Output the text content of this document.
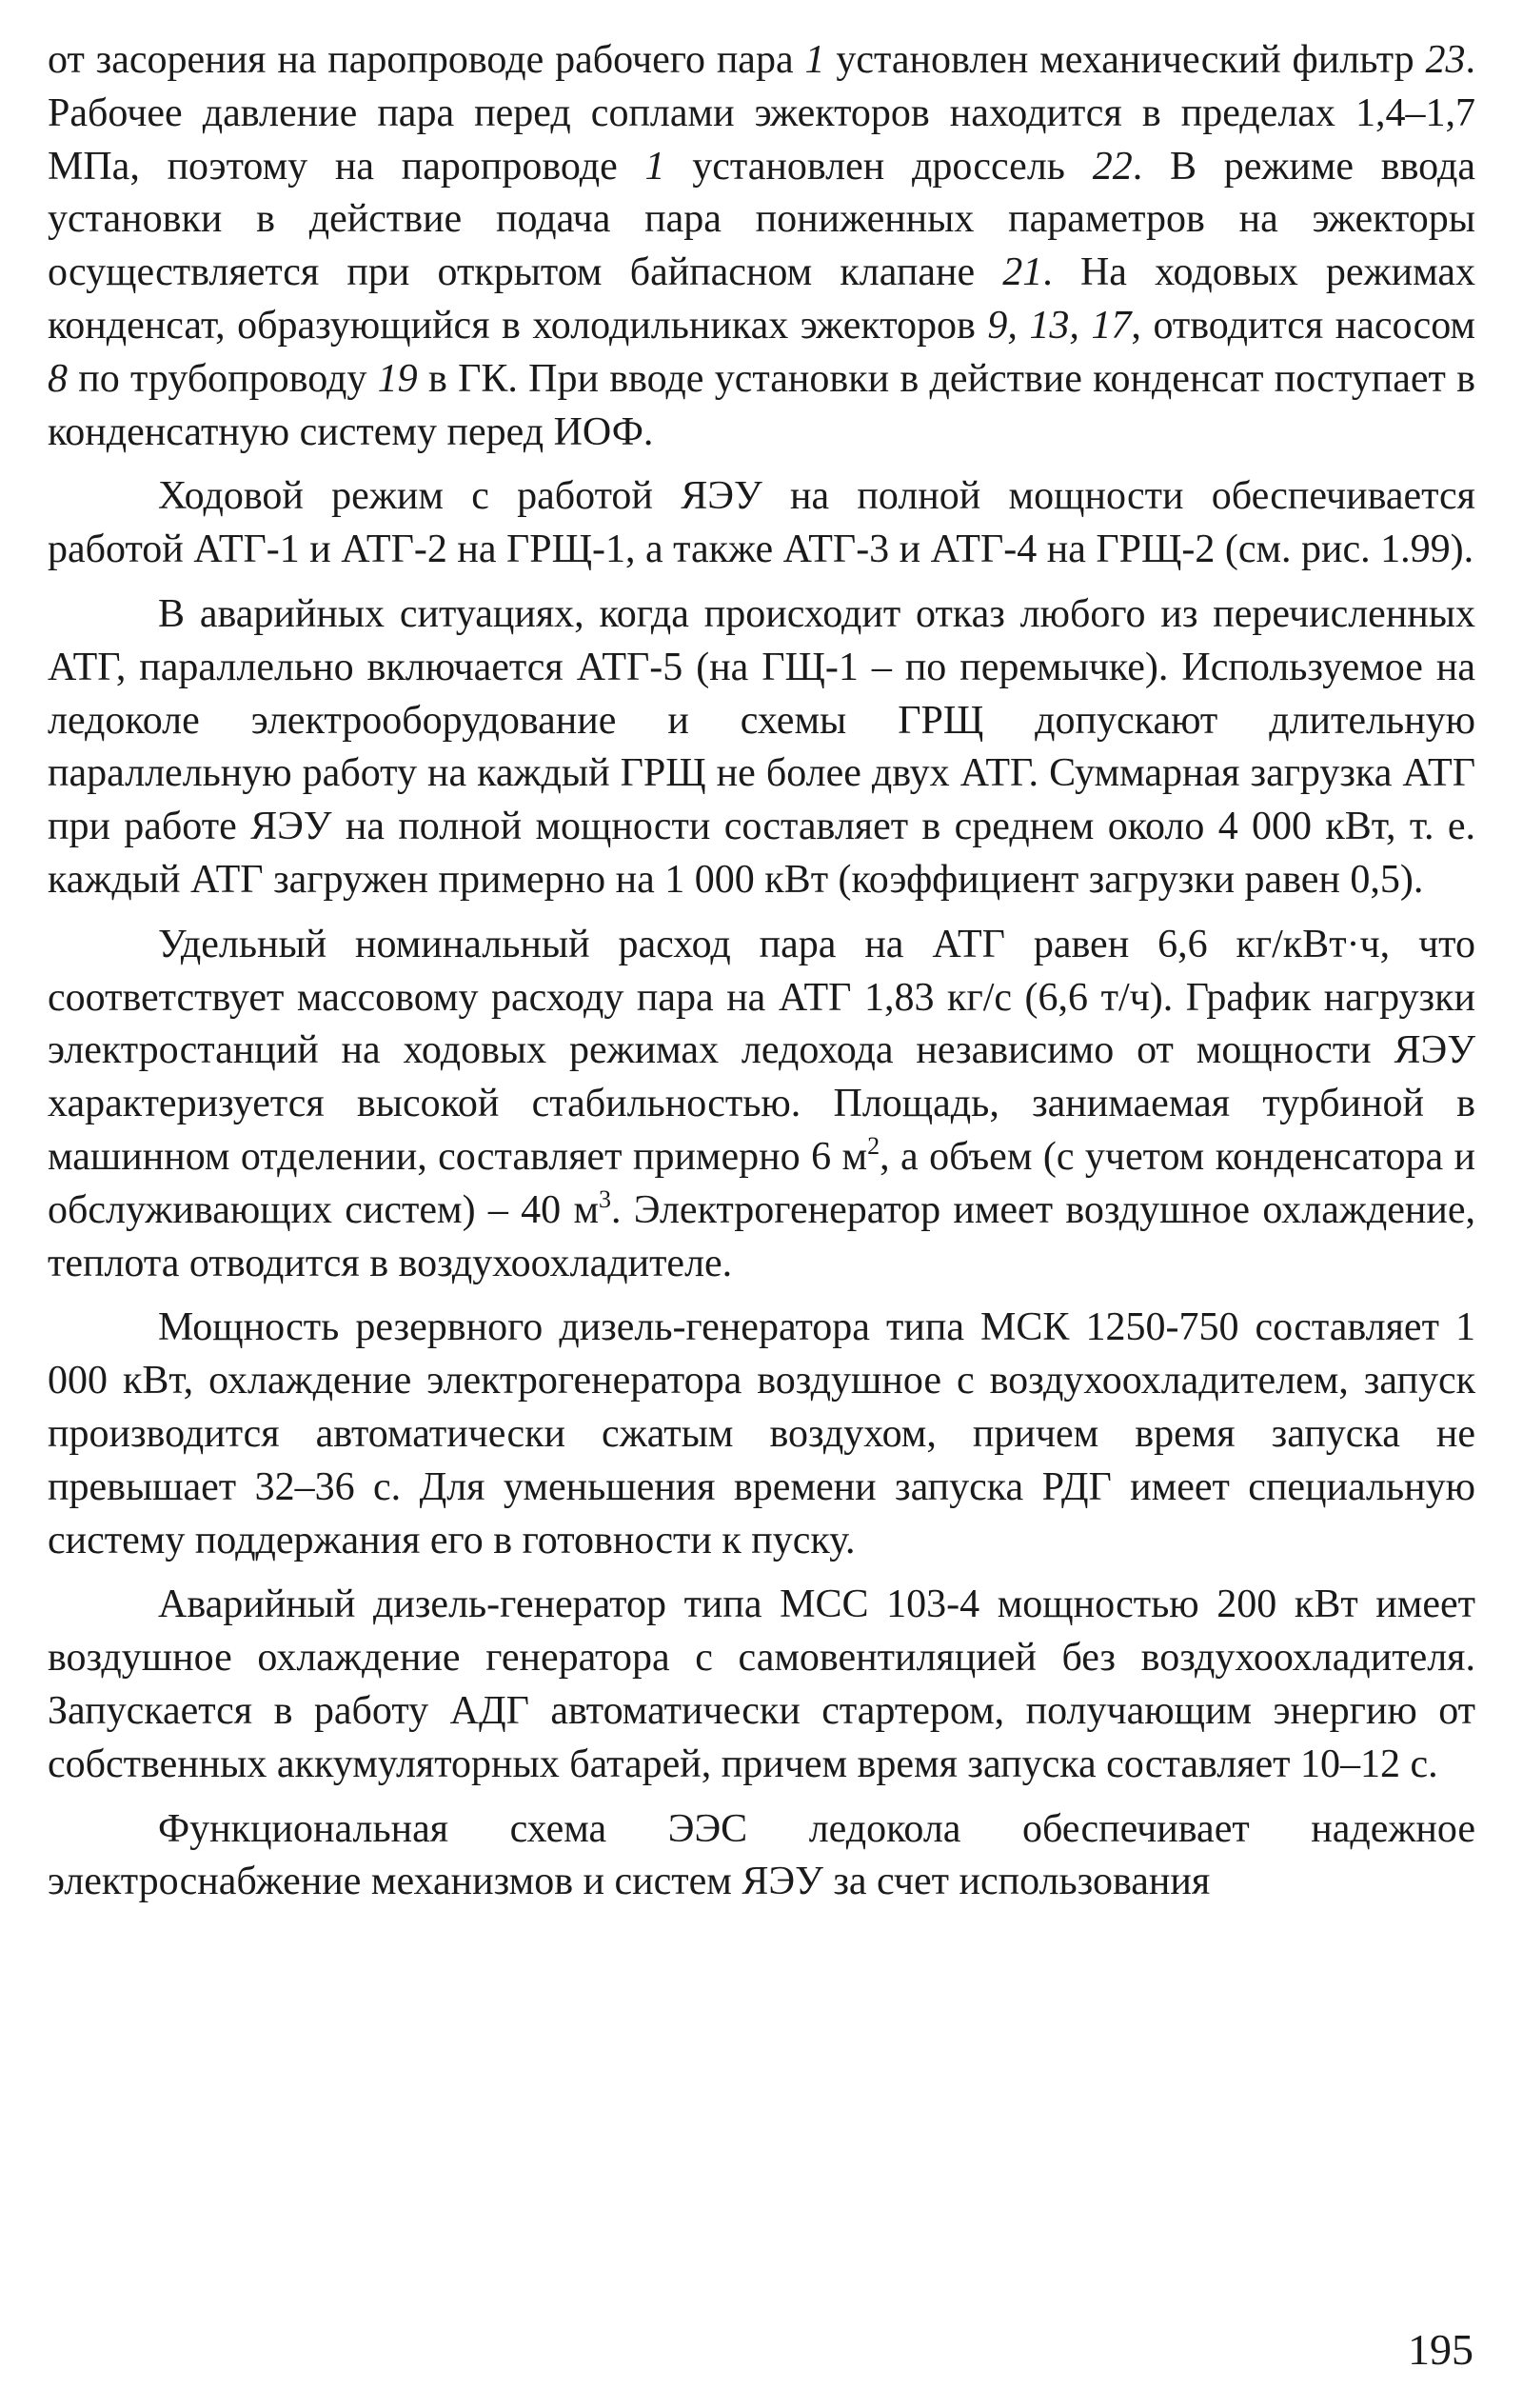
от засорения на паропроводе рабочего пара 1 установлен механический фильтр 23. Рабочее давление пара перед соплами эжекторов находится в пределах 1,4–1,7 МПа, поэтому на паропроводе 1 установлен дроссель 22. В режиме ввода установки в действие подача пара пониженных параметров на эжекторы осуществляется при открытом байпасном клапане 21. На ходовых режимах конденсат, образующийся в холодильниках эжекторов 9, 13, 17, отводится насосом 8 по трубопроводу 19 в ГК. При вводе установки в действие конденсат поступает в конденсатную систему перед ИОФ.

Ходовой режим с работой ЯЭУ на полной мощности обеспечивается работой АТГ-1 и АТГ-2 на ГРЩ-1, а также АТГ-3 и АТГ-4 на ГРЩ-2 (см. рис. 1.99).

В аварийных ситуациях, когда происходит отказ любого из перечисленных АТГ, параллельно включается АТГ-5 (на ГЩ-1 – по перемычке). Используемое на ледоколе электрооборудование и схемы ГРЩ допускают длительную параллельную работу на каждый ГРЩ не более двух АТГ. Суммарная загрузка АТГ при работе ЯЭУ на полной мощности составляет в среднем около 4 000 кВт, т. е. каждый АТГ загружен примерно на 1 000 кВт (коэффициент загрузки равен 0,5).

Удельный номинальный расход пара на АТГ равен 6,6 кг/кВт·ч, что соответствует массовому расходу пара на АТГ 1,83 кг/с (6,6 т/ч). График нагрузки электростанций на ходовых режимах ледохода независимо от мощности ЯЭУ характеризуется высокой стабильностью. Площадь, занимаемая турбиной в машинном отделении, составляет примерно 6 $м^2$, а объем (с учетом конденсатора и обслуживающих систем) – 40 $м^3$. Электрогенератор имеет воздушное охлаждение, теплота отводится в воздухоохладителе.

Мощность резервного дизель-генератора типа МСК 1250-750 составляет 1 000 кВт, охлаждение электрогенератора воздушное с воздухоохладителем, запуск производится автоматически сжатым воздухом, причем время запуска не превышает 32–36 с. Для уменьшения времени запуска РДГ имеет специальную систему поддержания его в готовности к пуску.

Аварийный дизель-генератор типа МСС 103-4 мощностью 200 кВт имеет воздушное охлаждение генератора с самовентиляцией без воздухоохладителя. Запускается в работу АДГ автоматически стартером, получающим энергию от собственных аккумуляторных батарей, причем время запуска составляет 10–12 с.

Функциональная схема ЭЭС ледокола обеспечивает надежное электроснабжение механизмов и систем ЯЭУ за счет использования

195
